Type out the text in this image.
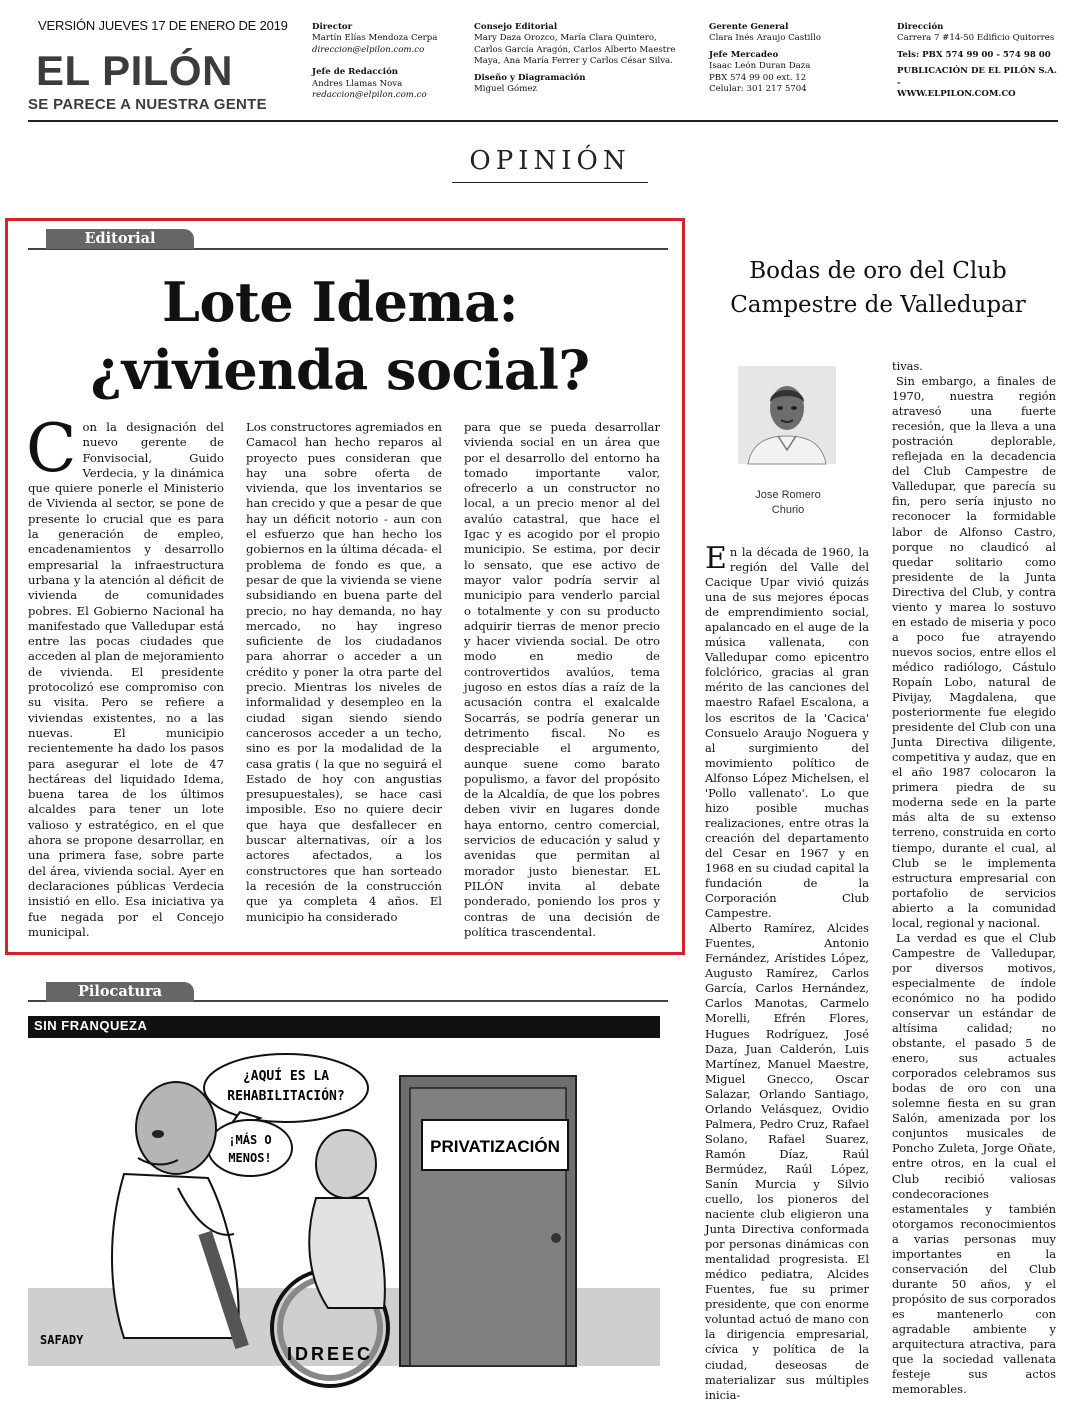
VERSIÓN JUEVES 17 DE ENERO DE 2019
EL PILÓN
SE PARECE A NUESTRA GENTE
Director
Martín Elías Mendoza Cerpa
direccion@elpilon.com.co
Jefe de Redacción
Andres Llamas Nova
redaccion@elpilon.com.co
Consejo Editorial
Mary Daza Orozco, María Clara Quintero,
Carlos García Aragón, Carlos Alberto Maestre
Maya, Ana María Ferrer y Carlos César Silva.
Diseño y Diagramación
Miguel Gómez
Gerente General
Clara Inés Araujo Castillo
Jefe Mercadeo
Isaac León Duran Daza
PBX 574 99 00 ext. 12
Celular: 301 217 5704
Dirección
Carrera 7 #14-50 Edificio Quitorres
Tels: PBX 574 99 00 - 574 98 00
PUBLICACIÓN DE EL PILÓN S.A. -
WWW.ELPILON.COM.CO
OPINIÓN
Editorial
Lote Idema:
¿vivienda social?
Con la designación del nuevo gerente de Fonvisocial, Guido Verdecia, y la dinámica que quiere ponerle el Ministerio de Vivienda al sector, se pone de presente lo crucial que es para la generación de empleo, encadenamientos y desarrollo empresarial la infraestructura urbana y la atención al déficit de vivienda de comunidades pobres. El Gobierno Nacional ha manifestado que Valledupar está entre las pocas ciudades que acceden al plan de mejoramiento de vivienda. El presidente protocolizó ese compromiso con su visita. Pero se refiere a viviendas existentes, no a las nuevas. El municipio recientemente ha dado los pasos para asegurar el lote de 47 hectáreas del liquidado Idema, buena tarea de los últimos alcaldes para tener un lote valioso y estratégico, en el que ahora se propone desarrollar, en una primera fase, sobre parte del área, vivienda social. Ayer en declaraciones públicas Verdecia insistió en ello. Esa iniciativa ya fue negada por el Concejo municipal.
Los constructores agremiados en Camacol han hecho reparos al proyecto pues consideran que hay una sobre oferta de vivienda, que los inventarios se han crecido y que a pesar de que hay un déficit notorio - aun con el esfuerzo que han hecho los gobiernos en la última década- el problema de fondo es que, a pesar de que la vivienda se viene subsidiando en buena parte del precio, no hay demanda, no hay mercado, no hay ingreso suficiente de los ciudadanos para ahorrar o acceder a un crédito y poner la otra parte del precio. Mientras los niveles de informalidad y desempleo en la ciudad sigan siendo siendo cancerosos acceder a un techo, sino es por la modalidad de la casa gratis ( la que no seguirá el Estado de hoy con angustias presupuestales), se hace casi imposible. Eso no quiere decir que haya que desfallecer en buscar alternativas, oír a los actores afectados, a los constructores que han sorteado la recesión de la construcción que ya completa 4 años. El municipio ha considerado
para que se pueda desarrollar vivienda social en un área que por el desarrollo del entorno ha tomado importante valor, ofrecerlo a un constructor no local, a un precio menor al del avalúo catastral, que hace el Igac y es acogido por el propio municipio. Se estima, por decir lo sensato, que ese activo de mayor valor podría servir al municipio para venderlo parcial o totalmente y con su producto adquirir tierras de menor precio y hacer vivienda social. De otro modo en medio de controvertidos avalúos, tema jugoso en estos días a raíz de la acusación contra el exalcalde Socarrás, se podría generar un detrimento fiscal. No es despreciable el argumento, aunque suene como barato populismo, a favor del propósito de la Alcaldía, de que los pobres deben vivir en lugares donde haya entorno, centro comercial, servicios de educación y salud y avenidas que permitan al morador justo bienestar. EL PILÓN invita al debate ponderado, poniendo los pros y contras de una decisión de política trascendental.
Bodas de oro del Club
Campestre de Valledupar
Jose Romero
Churio
En la década de 1960, la región del Valle del Cacique Upar vivió quizás una de sus mejores épocas de emprendimiento social, apalancado en el auge de la música vallenata, con Valledupar como epicentro folclórico, gracias al gran mérito de las canciones del maestro Rafael Escalona, a los escritos de la 'Cacica' Consuelo Araujo Noguera y al surgimiento del movimiento político de Alfonso López Michelsen, el 'Pollo vallenato'. Lo que hizo posible muchas realizaciones, entre otras la creación del departamento del Cesar en 1967 y en 1968 en su ciudad capital la fundación de la Corporación Club Campestre.
Alberto Ramírez, Alcides Fuentes, Antonio Fernández, Arístides López, Augusto Ramírez, Carlos García, Carlos Hernández, Carlos Manotas, Carmelo Morelli, Efrén Flores, Hugues Rodríguez, José Daza, Juan Calderón, Luis Martínez, Manuel Maestre, Miguel Gnecco, Oscar Salazar, Orlando Santiago, Orlando Velásquez, Ovidio Palmera, Pedro Cruz, Rafael Solano, Rafael Suarez, Ramón Díaz, Raúl Bermúdez, Raúl López, Sanín Murcia y Silvio cuello, los pioneros del naciente club eligieron una Junta Directiva conformada por personas dinámicas con mentalidad progresista. El médico pediatra, Alcides Fuentes, fue su primer presidente, que con enorme voluntad actuó de mano con la dirigencia empresarial, cívica y política de la ciudad, deseosas de materializar sus múltiples inicia-
tivas.
Sin embargo, a finales de 1970, nuestra región atravesó una fuerte recesión, que la lleva a una postración deplorable, reflejada en la decadencia del Club Campestre de Valledupar, que parecía su fin, pero sería injusto no reconocer la formidable labor de Alfonso Castro, porque no claudicó al quedar solitario como presidente de la Junta Directiva del Club, y contra viento y marea lo sostuvo en estado de miseria y poco a poco fue atrayendo nuevos socios, entre ellos el médico radiólogo, Cástulo Ropaín Lobo, natural de Pivijay, Magdalena, que posteriormente fue elegido presidente del Club con una Junta Directiva diligente, competitiva y audaz, que en el año 1987 colocaron la primera piedra de su moderna sede en la parte más alta de su extenso terreno, construida en corto tiempo, durante el cual, al Club se le implementa estructura empresarial con portafolio de servicios abierto a la comunidad local, regional y nacional.
La verdad es que el Club Campestre de Valledupar, por diversos motivos, especialmente de índole económico no ha podido conservar un estándar de altísima calidad; no obstante, el pasado 5 de enero, sus actuales corporados celebramos sus bodas de oro con una solemne fiesta en su gran Salón, amenizada por los conjuntos musicales de Poncho Zuleta, Jorge Oñate, entre otros, en la cual el Club recibió valiosas condecoraciones estamentales y también otorgamos reconocimientos a varias personas muy importantes en la conservación del Club durante 50 años, y el propósito de sus corporados es mantenerlo con agradable ambiente y arquitectura atractiva, para que la sociedad vallenata festeje sus actos memorables.
Pilocatura
SIN FRANQUEZA
¿AQUÍ ES LA
REHABILITACIÓN?
¡MÁS O
MENOS!
PRIVATIZACIÓN
IDREEC
SAFADY
